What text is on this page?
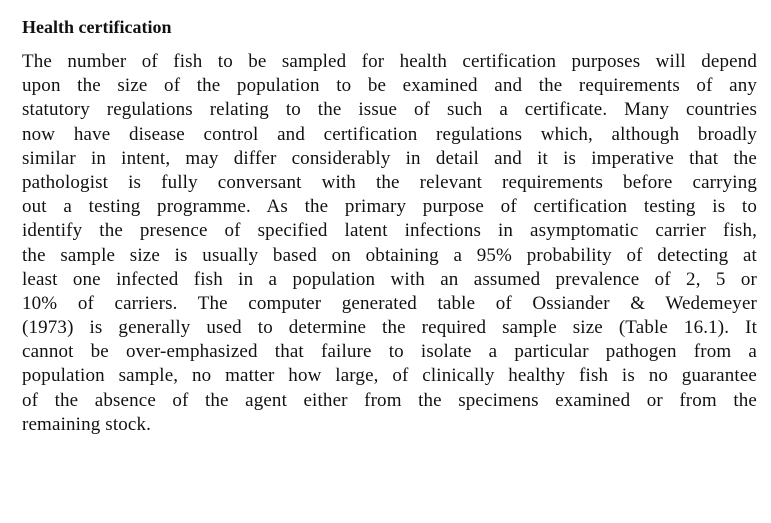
Health certification
The number of fish to be sampled for health certification purposes will depend
upon the size of the population to be examined and the requirements of any
statutory regulations relating to the issue of such a certificate. Many countries
now have disease control and certification regulations which, although broadly
similar in intent, may differ considerably in detail and it is imperative that the
pathologist is fully conversant with the relevant requirements before carrying
out a testing programme. As the primary purpose of certification testing is to
identify the presence of specified latent infections in asymptomatic carrier fish,
the sample size is usually based on obtaining a 95% probability of detecting at
least one infected fish in a population with an assumed prevalence of 2, 5 or
10% of carriers. The computer generated table of Ossiander & Wedemeyer
(1973) is generally used to determine the required sample size (Table 16.1). It
cannot be over-emphasized that failure to isolate a particular pathogen from a
population sample, no matter how large, of clinically healthy fish is no guarantee
of the absence of the agent either from the specimens examined or from the
remaining stock.
